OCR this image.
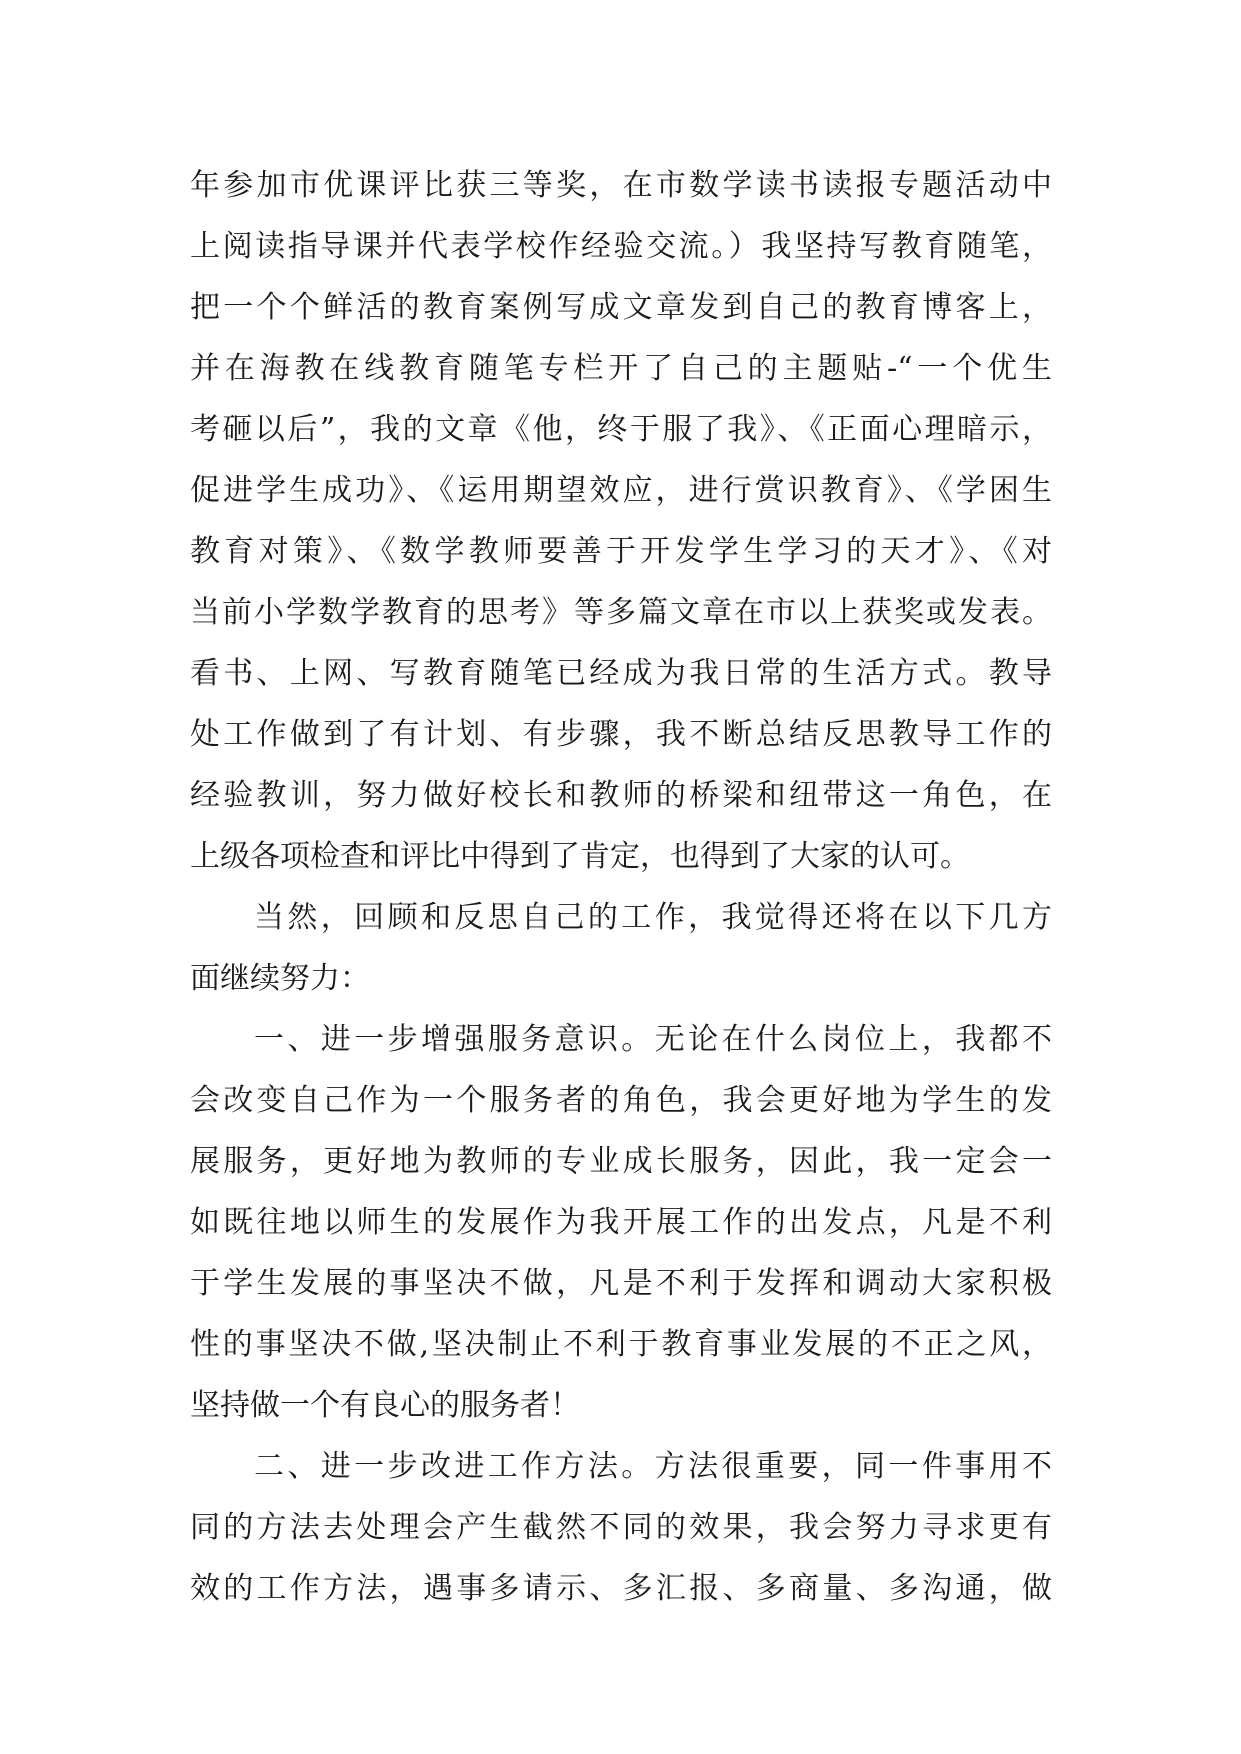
年参加市优课评比获三等奖，在市数学读书读报专题活动中
上阅读指导课并代表学校作经验交流。）我坚持写教育随笔，
把一个个鲜活的教育案例写成文章发到自己的教育博客上，
并在海教在线教育随笔专栏开了自己的主题贴-“一个优生
考砸以后”，我的文章《他，终于服了我》、《正面心理暗示，
促进学生成功》、《运用期望效应，进行赏识教育》、《学困生
教育对策》、《数学教师要善于开发学生学习的天才》、《对
当前小学数学教育的思考》等多篇文章在市以上获奖或发表。
看书、上网、写教育随笔已经成为我日常的生活方式。教导
处工作做到了有计划、有步骤，我不断总结反思教导工作的
经验教训，努力做好校长和教师的桥梁和纽带这一角色，在
上级各项检查和评比中得到了肯定，也得到了大家的认可。
当然，回顾和反思自己的工作，我觉得还将在以下几方
面继续努力：
一、进一步增强服务意识。无论在什么岗位上，我都不
会改变自己作为一个服务者的角色，我会更好地为学生的发
展服务，更好地为教师的专业成长服务，因此，我一定会一
如既往地以师生的发展作为我开展工作的出发点，凡是不利
于学生发展的事坚决不做，凡是不利于发挥和调动大家积极
性的事坚决不做,坚决制止不利于教育事业发展的不正之风，
坚持做一个有良心的服务者！
二、进一步改进工作方法。方法很重要，同一件事用不
同的方法去处理会产生截然不同的效果，我会努力寻求更有
效的工作方法，遇事多请示、多汇报、多商量、多沟通，做
